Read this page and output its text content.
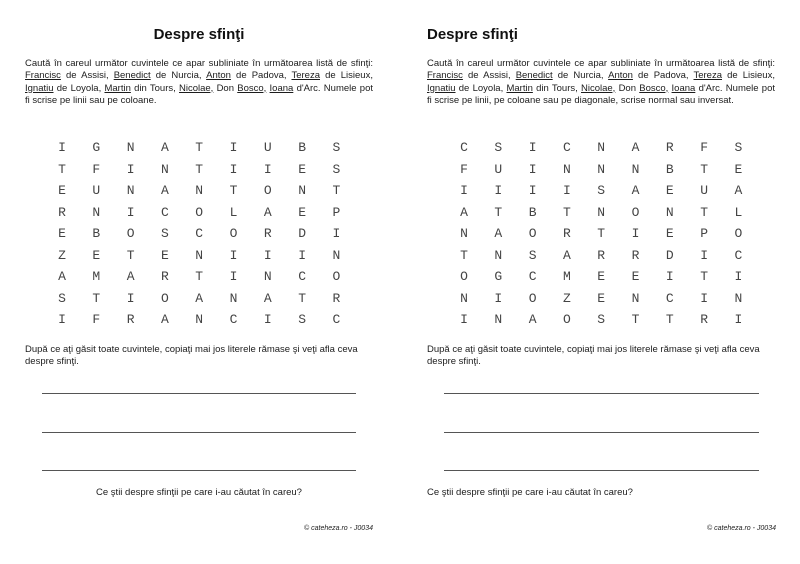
Despre sfinţi
Caută în careul următor cuvintele ce apar subliniate în următoarea listă de sfinţi:
Francisc de Assisi, Benedict de Nurcia, Anton de Padova, Tereza de Lisieux,
Ignatiu de Loyola, Martin din Tours, Nicolae, Don Bosco, Ioana d'Arc. Numele pot
fi scrise pe linii sau pe coloane.
I	G	N	A	T	I	U	B	S
T	F	I	N	T	I	I	E	S
E	U	N	A	N	T	O	N	T
R	N	I	C	O	L	A	E	P
E	B	O	S	C	O	R	D	I
Z	E	T	E	N	I	I	I	N
A	M	A	R	T	I	N	C	O
S	T	I	O	A	N	A	T	R
I	F	R	A	N	C	I	S	C
După ce aţi găsit toate cuvintele, copiaţi mai jos literele rămase şi veţi afla ceva
despre sfinţi.
Ce ştii despre sfinţii pe care i-au căutat în careu?
© cateheza.ro - J0034
Despre sfinţi
Caută în careul următor cuvintele ce apar subliniate în următoarea listă de sfinţi:
Francisc de Assisi, Benedict de Nurcia, Anton de Padova, Tereza de Lisieux,
Ignatiu de Loyola, Martin din Tours, Nicolae, Don Bosco, Ioana d'Arc. Numele pot
fi scrise pe linii, pe coloane sau pe diagonale, scrise normal sau inversat.
C	S	I	C	N	A	R	F	S
F	U	I	N	N	N	B	T	E
I	I	I	I	S	A	E	U	A
A	T	B	T	N	O	N	T	L
N	A	O	R	T	I	E	P	O
T	N	S	A	R	R	D	I	C
O	G	C	M	E	E	I	T	I
N	I	O	Z	E	N	C	I	N
I	N	A	O	S	T	T	R	I
După ce aţi găsit toate cuvintele, copiaţi mai jos literele rămase şi veţi afla ceva
despre sfinţi.
Ce ştii despre sfinţii pe care i-au căutat în careu?
© cateheza.ro - J0034
